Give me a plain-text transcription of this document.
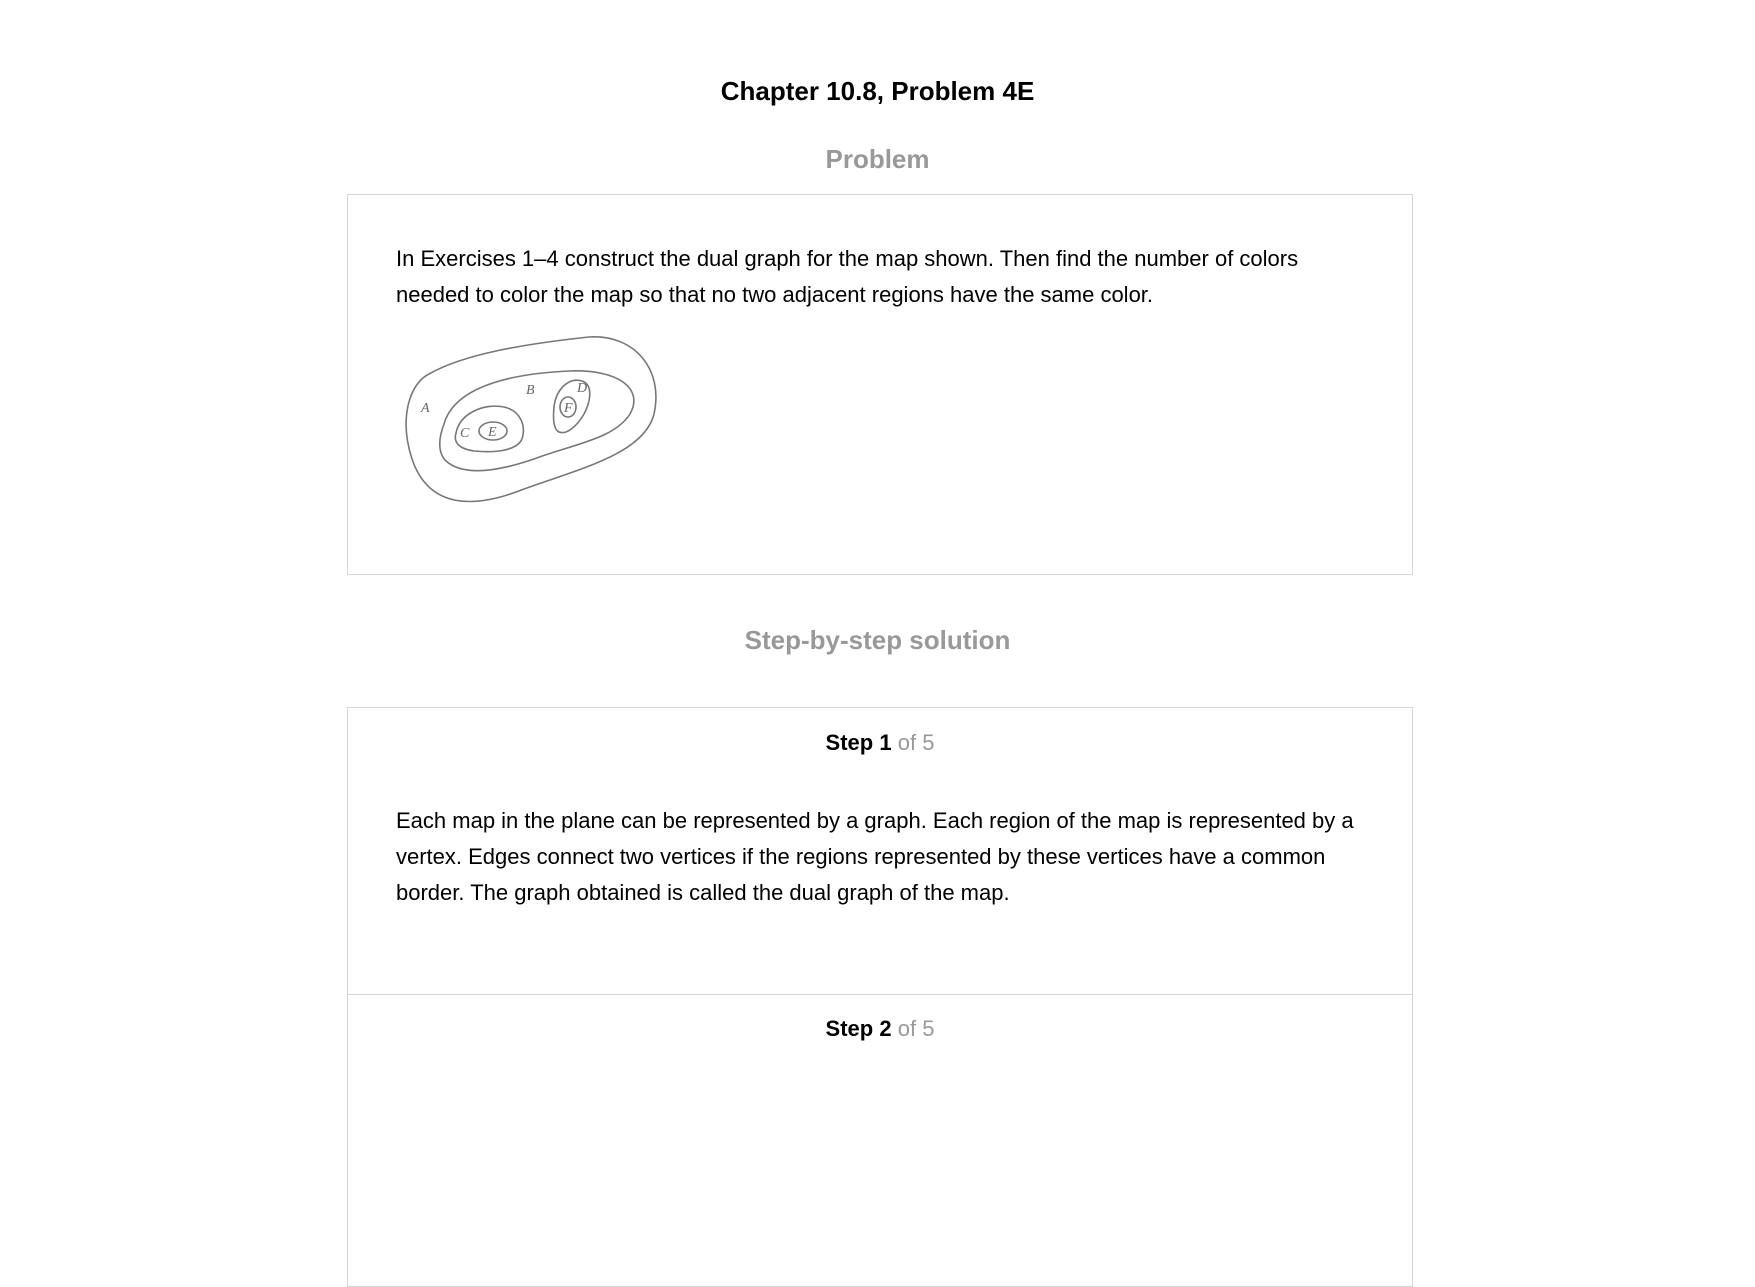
Chapter 10.8, Problem 4E
Problem
In Exercises 1–4 construct the dual graph for the map shown. Then find the number of colors needed to color the map so that no two adjacent regions have the same color.
A
B
C
D
E
F
Step-by-step solution
Step 1 of 5
Each map in the plane can be represented by a graph. Each region of the map is represented by a vertex. Edges connect two vertices if the regions represented by these vertices have a common border. The graph obtained is called the dual graph of the map.
Step 2 of 5
